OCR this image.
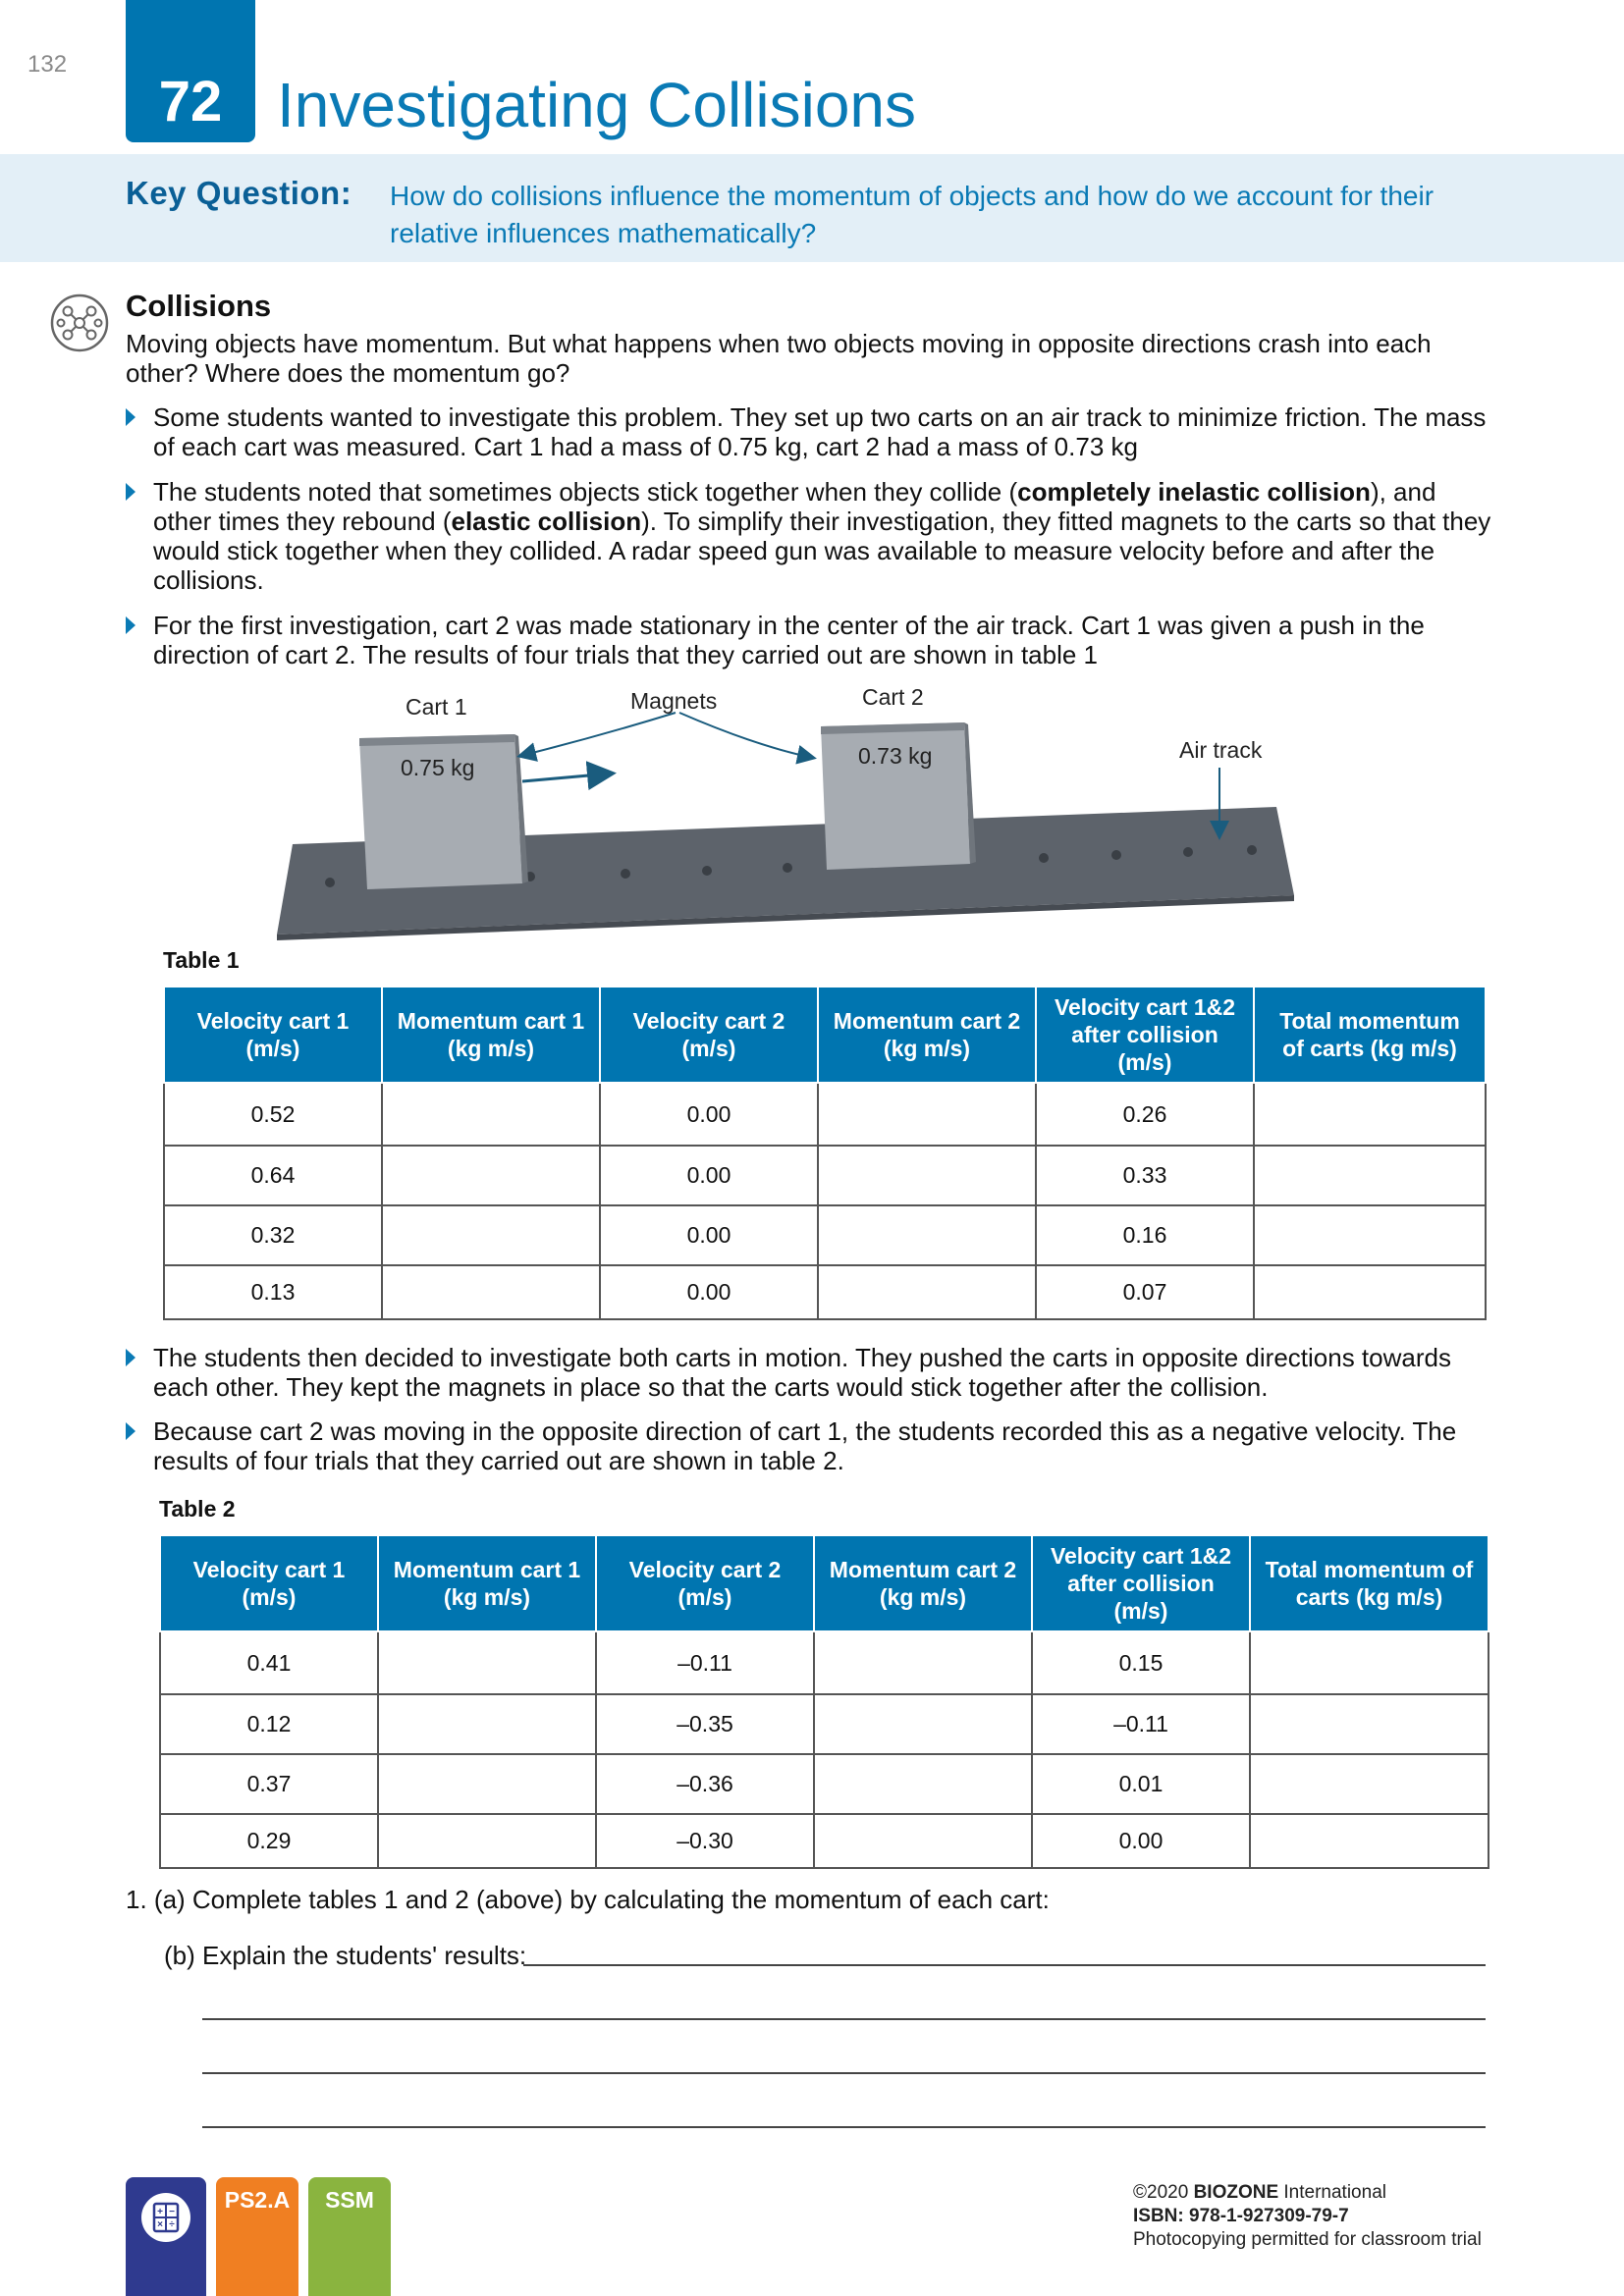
132
72 Investigating Collisions
Key Question: How do collisions influence the momentum of objects and how do we account for their relative influences mathematically?
Collisions
Moving objects have momentum. But what happens when two objects moving in opposite directions crash into each other? Where does the momentum go?
Some students wanted to investigate this problem. They set up two carts on an air track to minimize friction. The mass of each cart was measured. Cart 1 had a mass of 0.75 kg, cart 2 had a mass of 0.73 kg
The students noted that sometimes objects stick together when they collide (completely inelastic collision), and other times they rebound (elastic collision). To simplify their investigation, they fitted magnets to the carts so that they would stick together when they collided. A radar speed gun was available to measure velocity before and after the collisions.
For the first investigation, cart 2 was made stationary in the center of the air track. Cart 1 was given a push in the direction of cart 2. The results of four trials that they carried out are shown in table 1
Cart 1
0.75 kg
Magnets	Cart 2
0.73 kg	Air track
Table 1
Velocity cart 1
(m/s)	Momentum cart 1
(kg m/s)	Velocity cart 2
(m/s)	Momentum cart 2
(kg m/s)	Velocity cart 1&2
after collision
(m/s)	Total momentum
of carts (kg m/s)
0.52		0.00		0.26	
0.64		0.00		0.33	
0.32		0.00		0.16	
0.13		0.00		0.07	
The students then decided to investigate both carts in motion. They pushed the carts in opposite directions towards each other. They kept the magnets in place so that the carts would stick together after the collision.
Because cart 2 was moving in the opposite direction of cart 1, the students recorded this as a negative velocity. The results of four trials that they carried out are shown in table 2.
Table 2
Velocity cart 1
(m/s)	Momentum cart 1
(kg m/s)	Velocity cart 2
(m/s)	Momentum cart 2
(kg m/s)	Velocity cart 1&2
after collision
(m/s)	Total momentum of
carts (kg m/s)
0.41		–0.11		0.15	
0.12		–0.35		–0.11	
0.37		–0.36		0.01	
0.29		–0.30		0.00	
1. (a) Complete tables 1 and 2 (above) by calculating the momentum of each cart:
(b) Explain the students' results:
+ −
× ÷
PS2.A	SSM	©2020 BIOZONE International
ISBN: 978-1-927309-79-7
Photocopying permitted for classroom trial
